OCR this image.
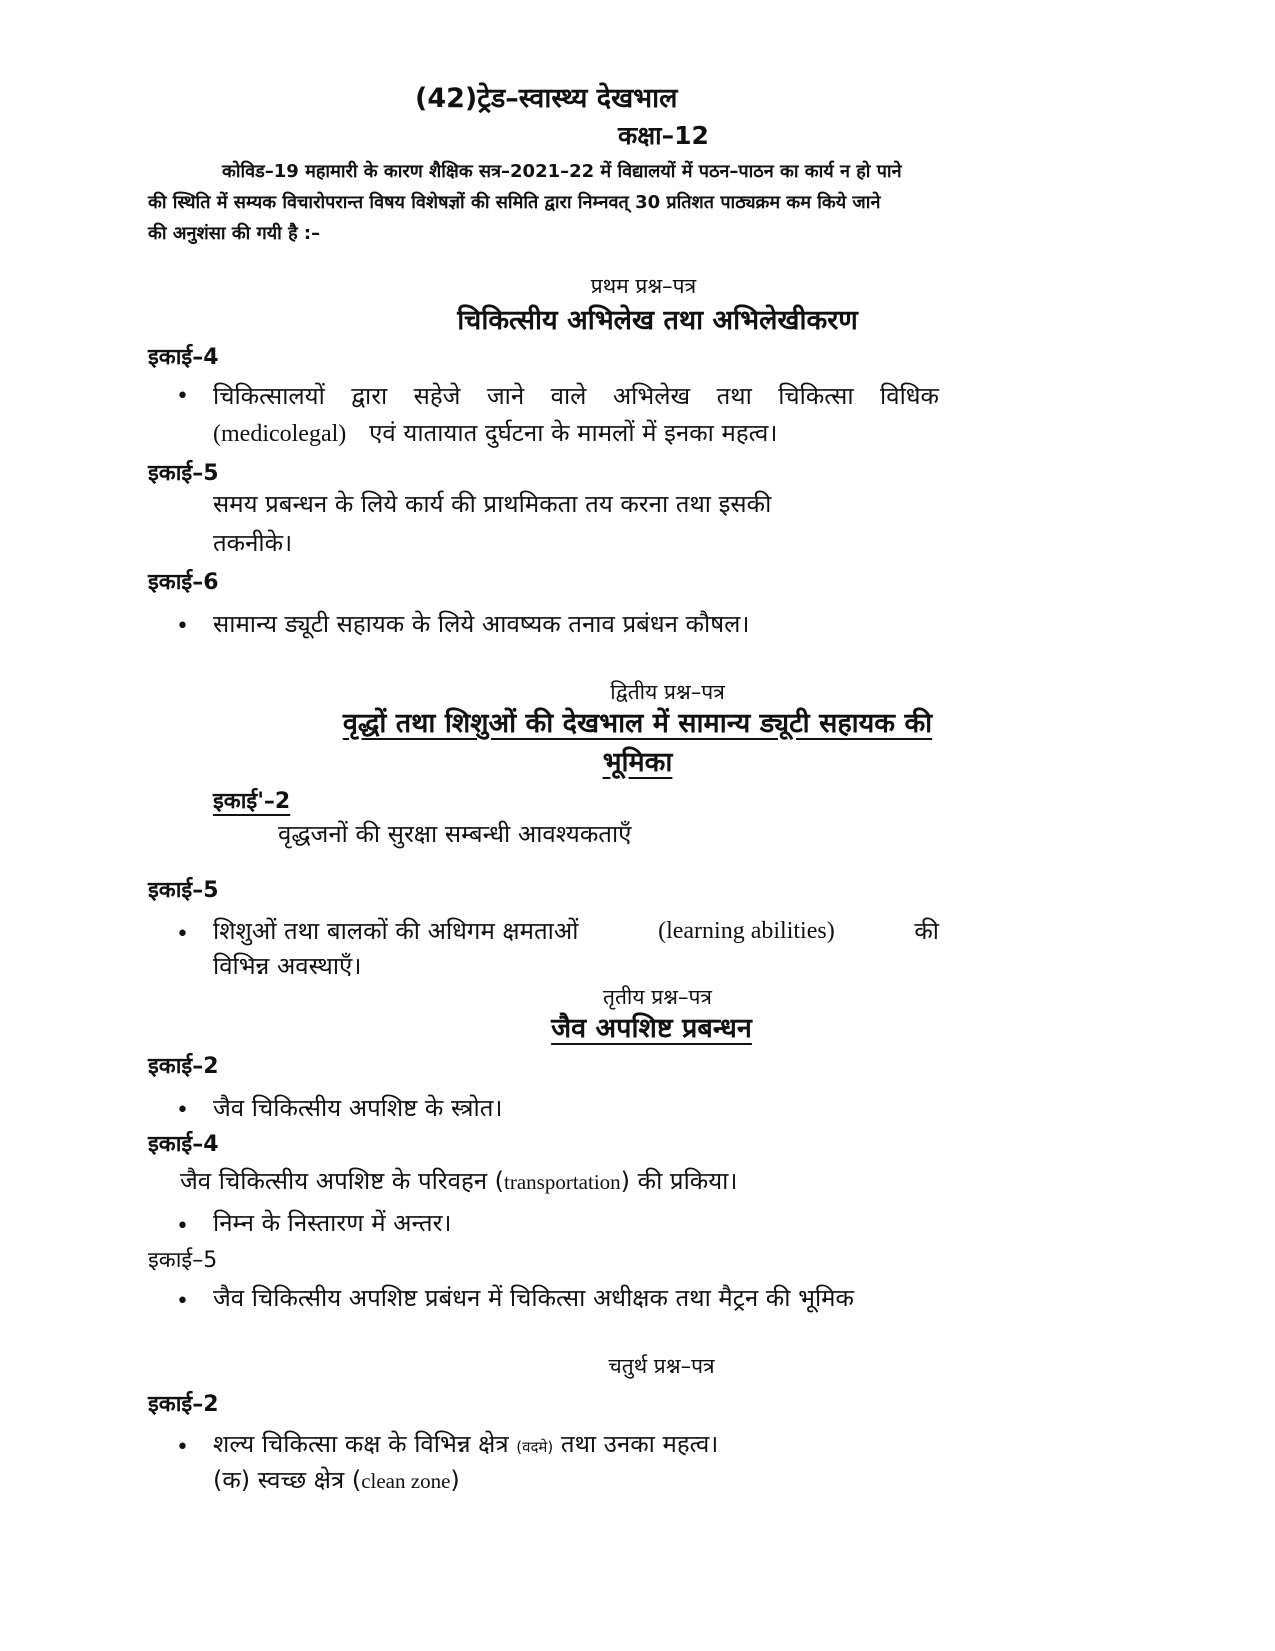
(42)ट्रेड–स्वास्थ्य देखभाल
कक्षा–12
कोविड–19 महामारी के कारण शैक्षिक सत्र–2021–22 में विद्यालयों में पठन–पाठन का कार्य न हो पाने
की स्थिति में सम्यक विचारोपरान्त विषय विशेषज्ञों की समिति द्वारा निम्नवत् 30 प्रतिशत पाठ्यक्रम कम किये जाने
की अनुशंसा की गयी है :–
प्रथम प्रश्न–पत्र
चिकित्सीय अभिलेख तथा अभिलेखीकरण
इकाई–4
• चिकित्सालयों द्वारा सहेजे जाने वाले अभिलेख तथा चिकित्सा विधिक
(medicolegal) एवं यातायात दुर्घटना के मामलों में इनका महत्व।
इकाई–5
समय प्रबन्धन के लिये कार्य की प्राथमिकता तय करना तथा इसकी
तकनीके।
इकाई–6
• सामान्य ड्यूटी सहायक के लिये आवष्यक तनाव प्रबंधन कौषल।
द्वितीय प्रश्न–पत्र
वृद्धों तथा शिशुओं की देखभाल में सामान्य ड्यूटी सहायक की
भूमिका
इकाई'–2
वृद्धजनों की सुरक्षा सम्बन्धी आवश्यकताएँ
इकाई–5
• शिशुओं तथा बालकों की अधिगम क्षमताओं	(learning abilities)	की
विभिन्न अवस्थाएँ।
तृतीय प्रश्न–पत्र
जैव अपशिष्ट प्रबन्धन
इकाई–2
• जैव चिकित्सीय अपशिष्ट के स्त्रोत।
इकाई–4
जैव चिकित्सीय अपशिष्ट के परिवहन (transportation) की प्रकिया।
• निम्न के निस्तारण में अन्तर।
इकाई–5
• जैव चिकित्सीय अपशिष्ट प्रबंधन में चिकित्सा अधीक्षक तथा मैट्रन की भूमिक
चतुर्थ प्रश्न–पत्र
इकाई–2
• शल्य चिकित्सा कक्ष के विभिन्न क्षेत्र (वदमे) तथा उनका महत्व।
(क) स्वच्छ क्षेत्र (clean zone)
